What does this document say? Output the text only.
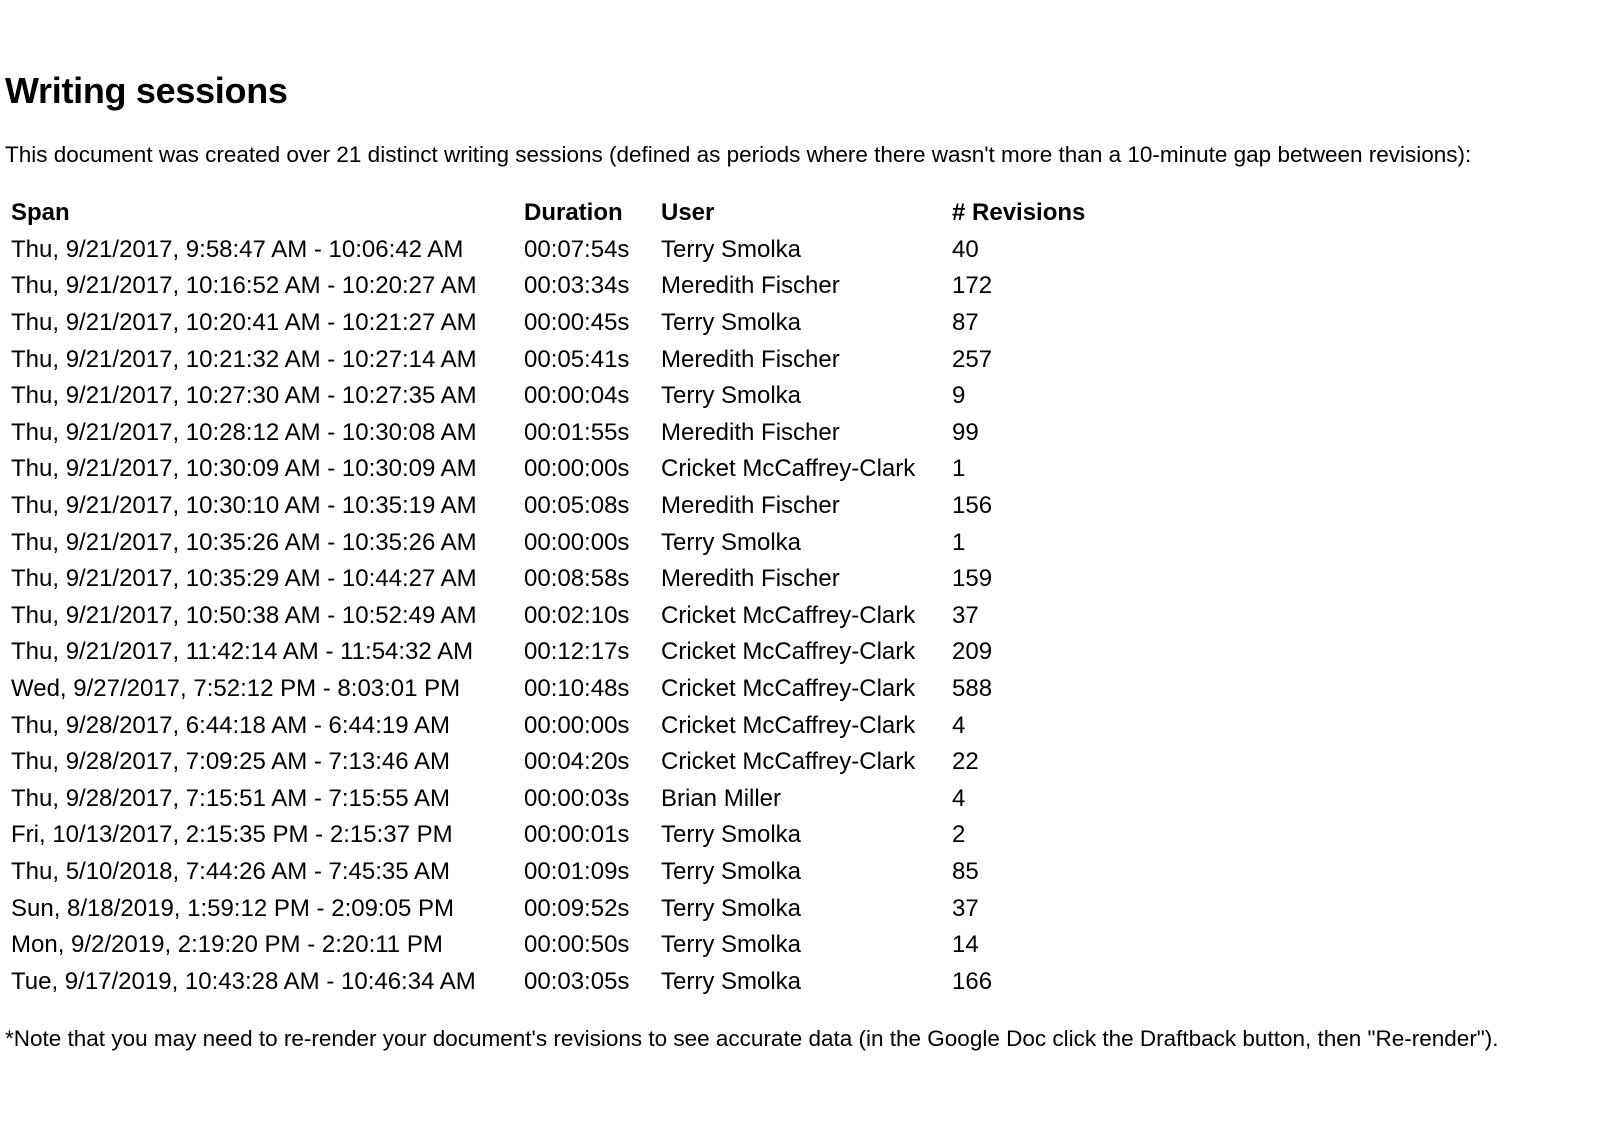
Writing sessions

This document was created over 21 distinct writing sessions (defined as periods where there wasn't more than a 10-minute gap between revisions):

Span	Duration	User	# Revisions
Thu, 9/21/2017, 9:58:47 AM - 10:06:42 AM	00:07:54s	Terry Smolka	40
Thu, 9/21/2017, 10:16:52 AM - 10:20:27 AM	00:03:34s	Meredith Fischer	172
Thu, 9/21/2017, 10:20:41 AM - 10:21:27 AM	00:00:45s	Terry Smolka	87
Thu, 9/21/2017, 10:21:32 AM - 10:27:14 AM	00:05:41s	Meredith Fischer	257
Thu, 9/21/2017, 10:27:30 AM - 10:27:35 AM	00:00:04s	Terry Smolka	9
Thu, 9/21/2017, 10:28:12 AM - 10:30:08 AM	00:01:55s	Meredith Fischer	99
Thu, 9/21/2017, 10:30:09 AM - 10:30:09 AM	00:00:00s	Cricket McCaffrey-Clark	1
Thu, 9/21/2017, 10:30:10 AM - 10:35:19 AM	00:05:08s	Meredith Fischer	156
Thu, 9/21/2017, 10:35:26 AM - 10:35:26 AM	00:00:00s	Terry Smolka	1
Thu, 9/21/2017, 10:35:29 AM - 10:44:27 AM	00:08:58s	Meredith Fischer	159
Thu, 9/21/2017, 10:50:38 AM - 10:52:49 AM	00:02:10s	Cricket McCaffrey-Clark	37
Thu, 9/21/2017, 11:42:14 AM - 11:54:32 AM	00:12:17s	Cricket McCaffrey-Clark	209
Wed, 9/27/2017, 7:52:12 PM - 8:03:01 PM	00:10:48s	Cricket McCaffrey-Clark	588
Thu, 9/28/2017, 6:44:18 AM - 6:44:19 AM	00:00:00s	Cricket McCaffrey-Clark	4
Thu, 9/28/2017, 7:09:25 AM - 7:13:46 AM	00:04:20s	Cricket McCaffrey-Clark	22
Thu, 9/28/2017, 7:15:51 AM - 7:15:55 AM	00:00:03s	Brian Miller	4
Fri, 10/13/2017, 2:15:35 PM - 2:15:37 PM	00:00:01s	Terry Smolka	2
Thu, 5/10/2018, 7:44:26 AM - 7:45:35 AM	00:01:09s	Terry Smolka	85
Sun, 8/18/2019, 1:59:12 PM - 2:09:05 PM	00:09:52s	Terry Smolka	37
Mon, 9/2/2019, 2:19:20 PM - 2:20:11 PM	00:00:50s	Terry Smolka	14
Tue, 9/17/2019, 10:43:28 AM - 10:46:34 AM	00:03:05s	Terry Smolka	166

*Note that you may need to re-render your document's revisions to see accurate data (in the Google Doc click the Draftback button, then "Re-render").
